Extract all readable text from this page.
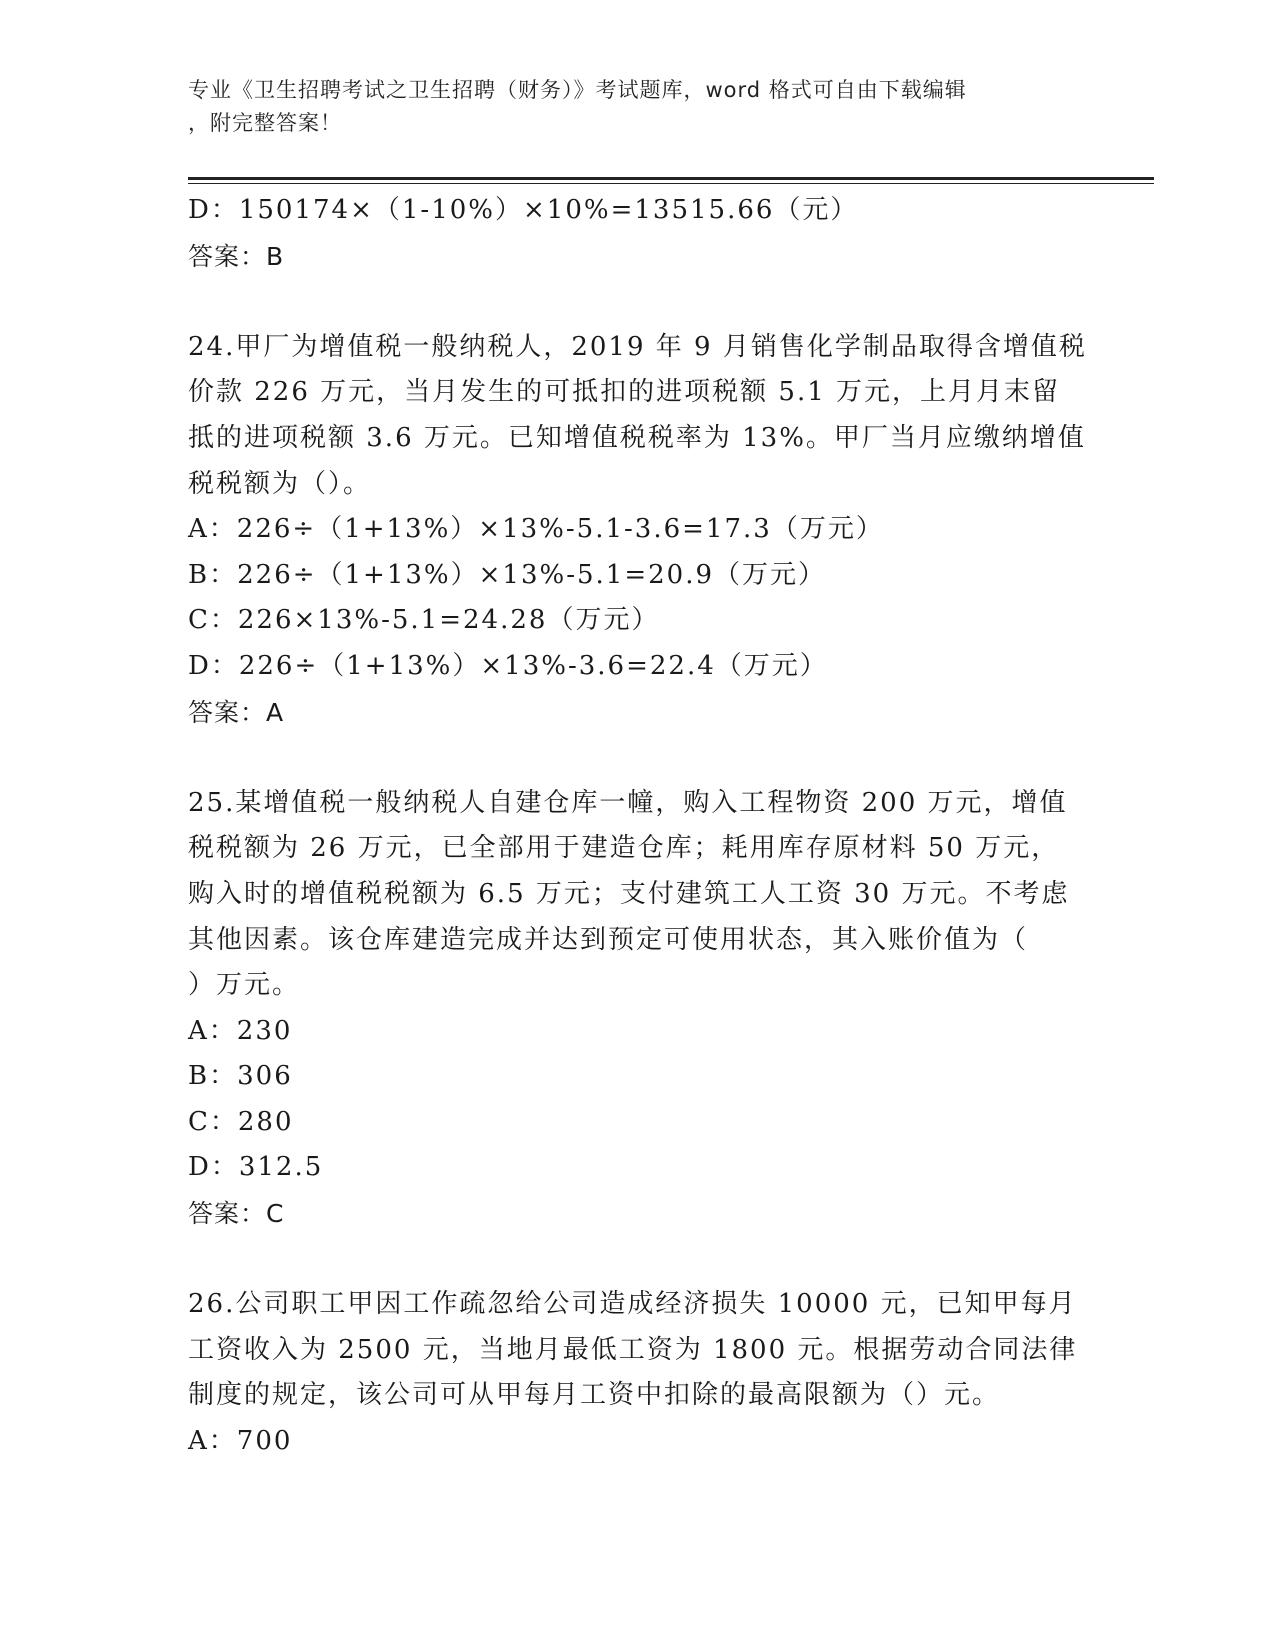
专业《卫生招聘考试之卫生招聘（财务）》考试题库，word 格式可自由下载编辑
，附完整答案！
D：150174×（1-10%）×10%=13515.66（元）
答案：B
24.甲厂为增值税一般纳税人，2019 年 9 月销售化学制品取得含增值税
价款 226 万元，当月发生的可抵扣的进项税额 5.1 万元，上月月末留
抵的进项税额 3.6 万元。已知增值税税率为 13%。甲厂当月应缴纳增值
税税额为（）。
A：226÷（1+13%）×13%-5.1-3.6=17.3（万元）
B：226÷（1+13%）×13%-5.1=20.9（万元）
C：226×13%-5.1=24.28（万元）
D：226÷（1+13%）×13%-3.6=22.4（万元）
答案：A
25.某增值税一般纳税人自建仓库一幢，购入工程物资 200 万元，增值
税税额为 26 万元，已全部用于建造仓库；耗用库存原材料 50 万元，
购入时的增值税税额为 6.5 万元；支付建筑工人工资 30 万元。不考虑
其他因素。该仓库建造完成并达到预定可使用状态，其入账价值为（
）万元。
A：230
B：306
C：280
D：312.5
答案：C
26.公司职工甲因工作疏忽给公司造成经济损失 10000 元，已知甲每月
工资收入为 2500 元，当地月最低工资为 1800 元。根据劳动合同法律
制度的规定，该公司可从甲每月工资中扣除的最高限额为（）元。
A：700
